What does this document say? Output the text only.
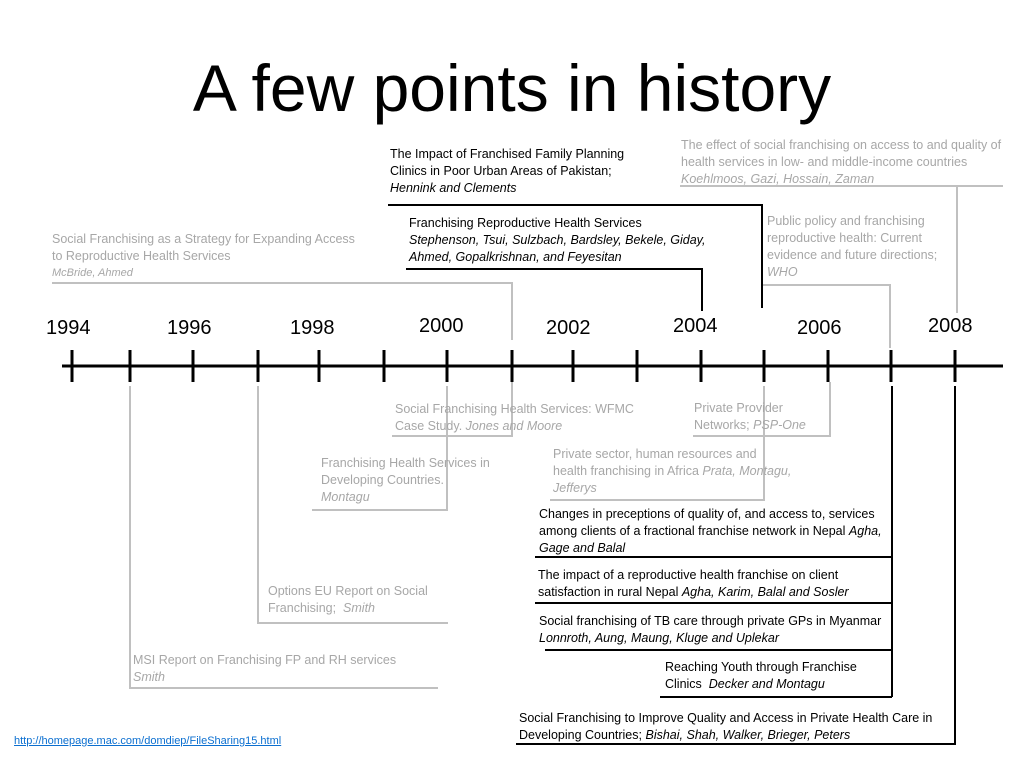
A few points in history
1994	1996	1998	2000	2002	2004	2006	2008
The Impact of Franchised Family Planning Clinics in Poor Urban Areas of Pakistan;  Hennink and Clements
The effect of social franchising on access to and quality of health services in low- and middle-income countries Koehlmoos, Gazi, Hossain, Zaman
Social Franchising as a Strategy for Expanding Access to Reproductive Health Services
McBride, Ahmed
Franchising Reproductive Health Services
Stephenson, Tsui, Sulzbach, Bardsley, Bekele, Giday, Ahmed, Gopalkrishnan, and Feyesitan
Public policy and franchising reproductive health: Current evidence and future directions; WHO
Social Franchising Health Services: WFMC Case Study. Jones and Moore
Private Provider Networks; PSP-One
Franchising Health Services in Developing Countries.
Montagu
Private sector, human resources and health franchising in Africa Prata, Montagu, Jefferys
Changes in preceptions of quality of, and access to, services among clients of a fractional franchise network in Nepal Agha, Gage and Balal
The impact of a reproductive health franchise on client satisfaction in rural Nepal Agha, Karim, Balal and Sosler
Options EU Report on Social Franchising; Smith
Social franchising of TB care through private GPs in Myanmar Lonnroth, Aung, Maung, Kluge and Uplekar
MSI Report on Franchising FP and RH services
Smith
Reaching Youth through Franchise Clinics Decker and Montagu
Social Franchising to Improve Quality and Access in Private Health Care in Developing Countries; Bishai, Shah, Walker, Brieger, Peters
http://homepage.mac.com/domdiep/FileSharing15.html
